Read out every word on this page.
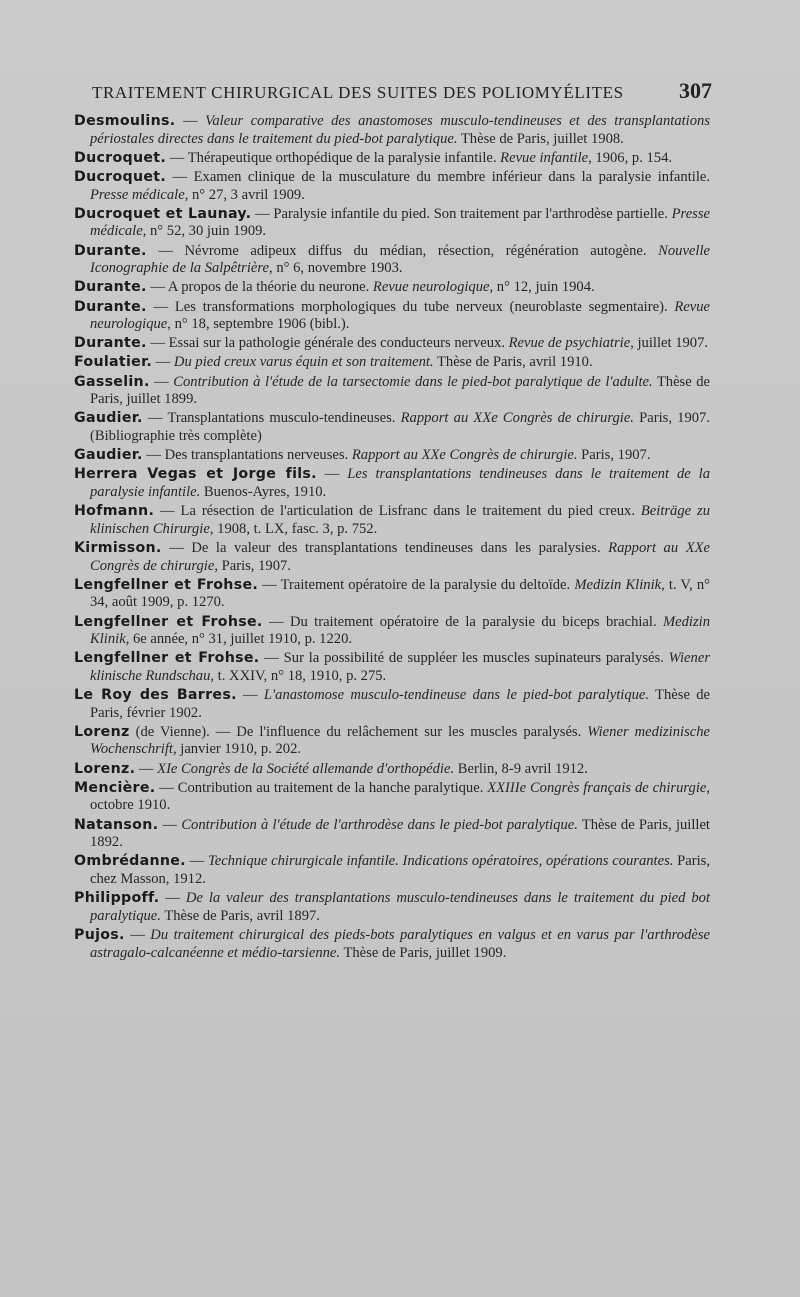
TRAITEMENT CHIRURGICAL DES SUITES DES POLIOMYÉLITES	307

Desmoulins. — Valeur comparative des anastomoses musculo-tendineuses et des transplantations périostales directes dans le traitement du pied-bot paralytique. Thèse de Paris, juillet 1908.

Ducroquet. — Thérapeutique orthopédique de la paralysie infantile. Revue infantile, 1906, p. 154.

Ducroquet. — Examen clinique de la musculature du membre inférieur dans la paralysie infantile. Presse médicale, n° 27, 3 avril 1909.

Ducroquet et Launay. — Paralysie infantile du pied. Son traitement par l'arthrodèse partielle. Presse médicale, n° 52, 30 juin 1909.

Durante. — Névrome adipeux diffus du médian, résection, régénération autogène. Nouvelle Iconographie de la Salpêtrière, n° 6, novembre 1903.

Durante. — A propos de la théorie du neurone. Revue neurologique, n° 12, juin 1904.

Durante. — Les transformations morphologiques du tube nerveux (neuroblaste segmentaire). Revue neurologique, n° 18, septembre 1906 (bibl.).

Durante. — Essai sur la pathologie générale des conducteurs nerveux. Revue de psychiatrie, juillet 1907.

Foulatier. — Du pied creux varus équin et son traitement. Thèse de Paris, avril 1910.

Gasselin. — Contribution à l'étude de la tarsectomie dans le pied-bot paralytique de l'adulte. Thèse de Paris, juillet 1899.

Gaudier. — Transplantations musculo-tendineuses. Rapport au XXe Congrès de chirurgie. Paris, 1907. (Bibliographie très complète)

Gaudier. — Des transplantations nerveuses. Rapport au XXe Congrès de chirurgie. Paris, 1907.

Herrera Vegas et Jorge fils. — Les transplantations tendineuses dans le traitement de la paralysie infantile. Buenos-Ayres, 1910.

Hofmann. — La résection de l'articulation de Lisfranc dans le traitement du pied creux. Beiträge zu klinischen Chirurgie, 1908, t. LX, fasc. 3, p. 752.

Kirmisson. — De la valeur des transplantations tendineuses dans les paralysies. Rapport au XXe Congrès de chirurgie, Paris, 1907.

Lengfellner et Frohse. — Traitement opératoire de la paralysie du deltoïde. Medizin Klinik, t. V, n° 34, août 1909, p. 1270.

Lengfellner et Frohse. — Du traitement opératoire de la paralysie du biceps brachial. Medizin Klinik, 6e année, n° 31, juillet 1910, p. 1220.

Lengfellner et Frohse. — Sur la possibilité de suppléer les muscles supinateurs paralysés. Wiener klinische Rundschau, t. XXIV, n° 18, 1910, p. 275.

Le Roy des Barres. — L'anastomose musculo-tendineuse dans le pied-bot paralytique. Thèse de Paris, février 1902.

Lorenz (de Vienne). — De l'influence du relâchement sur les muscles paralysés. Wiener medizinische Wochenschrift, janvier 1910, p. 202.

Lorenz. — XIe Congrès de la Société allemande d'orthopédie. Berlin, 8-9 avril 1912.

Mencière. — Contribution au traitement de la hanche paralytique. XXIIIe Congrès français de chirurgie, octobre 1910.

Natanson. — Contribution à l'étude de l'arthrodèse dans le pied-bot paralytique. Thèse de Paris, juillet 1892.

Ombrédanne. — Technique chirurgicale infantile. Indications opératoires, opérations courantes. Paris, chez Masson, 1912.

Philippoff. — De la valeur des transplantations musculo-tendineuses dans le traitement du pied bot paralytique. Thèse de Paris, avril 1897.

Pujos. — Du traitement chirurgical des pieds-bots paralytiques en valgus et en varus par l'arthrodèse astragalo-calcanéenne et médio-tarsienne. Thèse de Paris, juillet 1909.
